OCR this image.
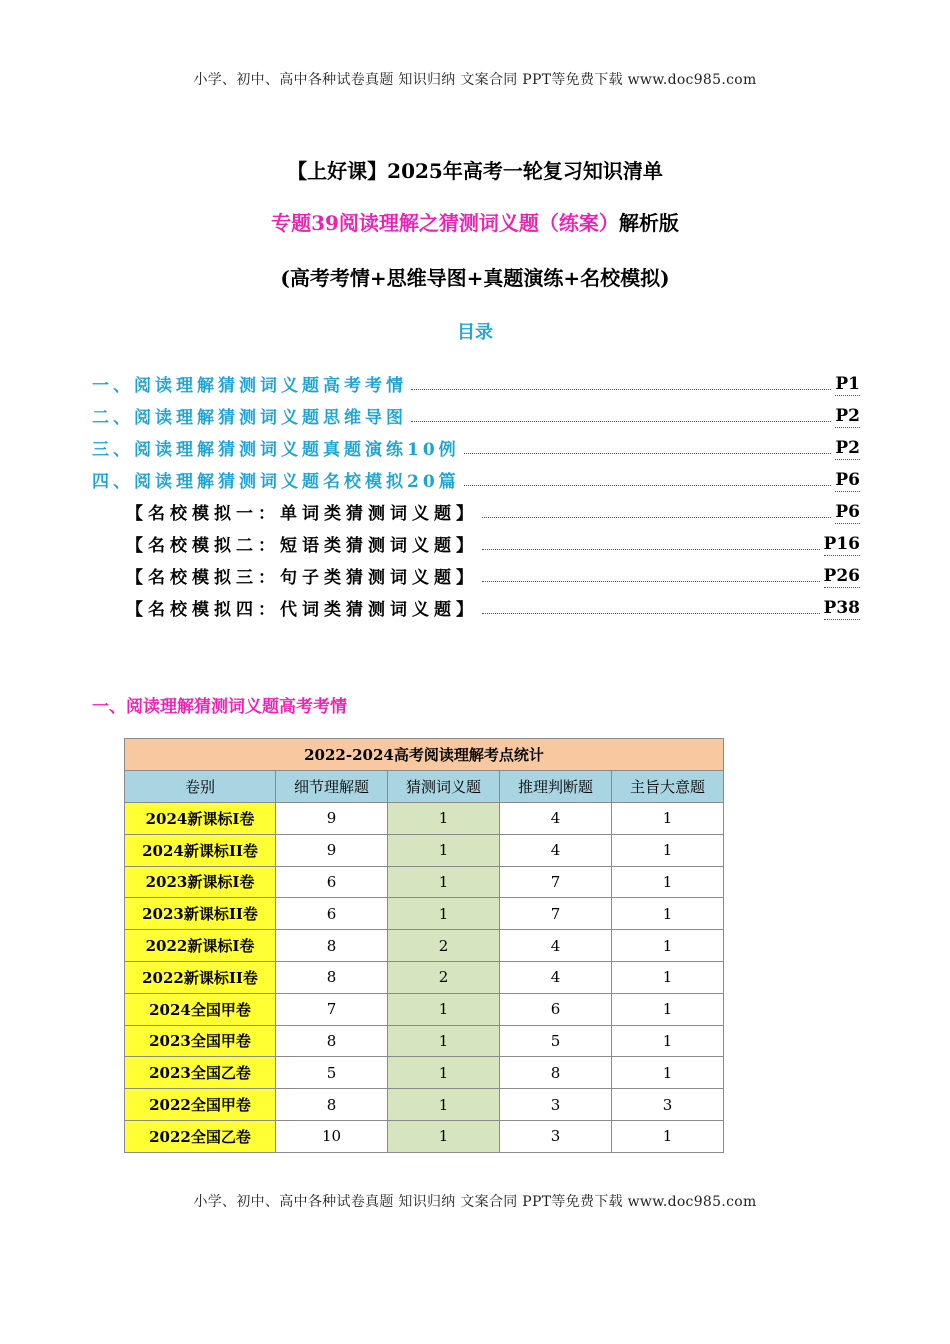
小学、初中、高中各种试卷真题 知识归纳 文案合同 PPT等免费下载 www.doc985.com
【上好课】2025年高考一轮复习知识清单
专题39阅读理解之猜测词义题（练案）解析版
(高考考情+思维导图+真题演练+名校模拟)
目录
一、阅读理解猜测词义题高考考情	P1
二、阅读理解猜测词义题思维导图	P2
三、阅读理解猜测词义题真题演练10例	P2
四、阅读理解猜测词义题名校模拟20篇	P6
【名校模拟一：单词类猜测词义题】	P6
【名校模拟二：短语类猜测词义题】	P16
【名校模拟三：句子类猜测词义题】	P26
【名校模拟四：代词类猜测词义题】	P38
一、阅读理解猜测词义题高考考情
2022-2024高考阅读理解考点统计				
卷别	细节理解题	猜测词义题	推理判断题	主旨大意题
2024新课标I卷	9	1	4	1
2024新课标II卷	9	1	4	1
2023新课标I卷	6	1	7	1
2023新课标II卷	6	1	7	1
2022新课标I卷	8	2	4	1
2022新课标II卷	8	2	4	1
2024全国甲卷	7	1	6	1
2023全国甲卷	8	1	5	1
2023全国乙卷	5	1	8	1
2022全国甲卷	8	1	3	3
2022全国乙卷	10	1	3	1
小学、初中、高中各种试卷真题 知识归纳 文案合同 PPT等免费下载 www.doc985.com
